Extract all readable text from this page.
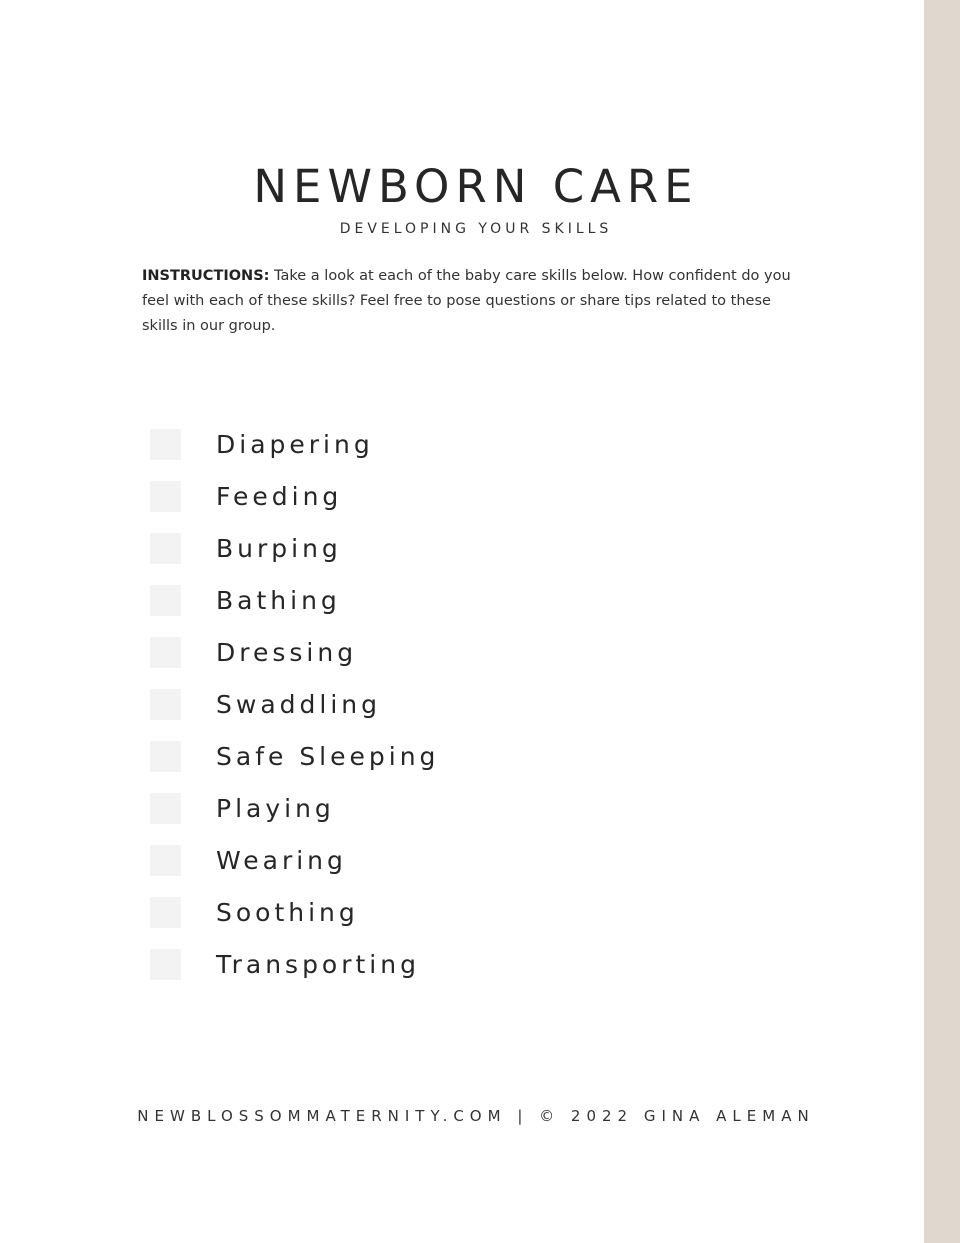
NEWBORN CARE
DEVELOPING YOUR SKILLS

INSTRUCTIONS: Take a look at each of the baby care skills below. How confident do you feel with each of these skills? Feel free to pose questions or share tips related to these skills in our group.

Diapering
Feeding
Burping
Bathing
Dressing
Swaddling
Safe Sleeping
Playing
Wearing
Soothing
Transporting
NEWBLOSSOMMATERNITY.COM | © 2022 GINA ALEMAN
